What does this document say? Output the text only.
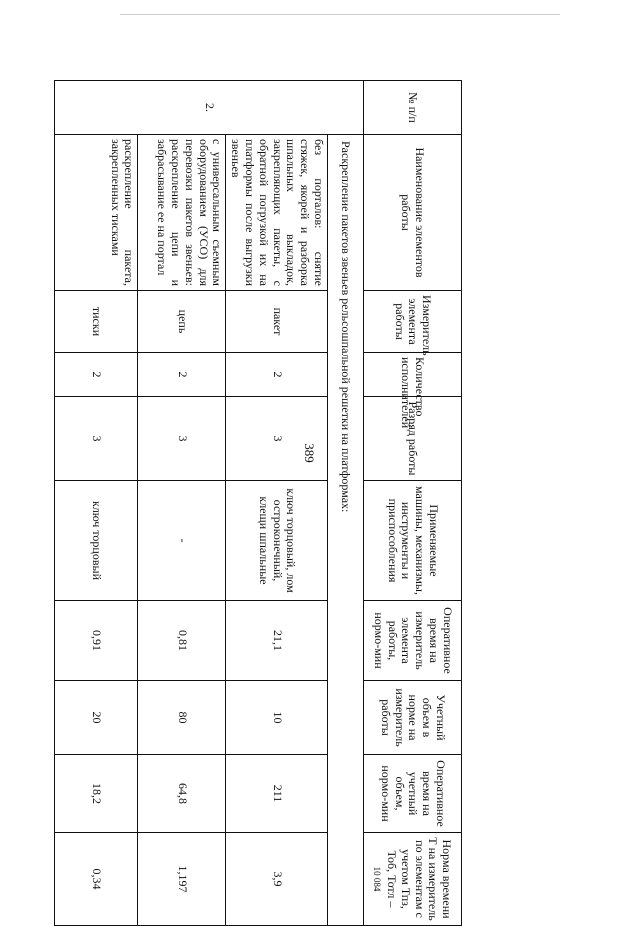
389
№ п/п	Наименование элементов работы	Измеритель элемента работы	Количество исполнителей	Разряд работы	Применяемые машины, механизмы, инструменты и приспособления	Оперативное время на измеритель элемента работы, нормо-мин	Учетный объем в норме на измеритель работы	Оперативное время на учетный объем, нормо-мин	Норма времени Т на измеритель по элементам с учетом Тпз, Тоб, Тотл –
10 084

2.	Раскрепление пакетов звеньев рельсошпальной решетки на платформах:								
	без порталов: снятие стяжек, якорей и разборка шпальных выкладок, закрепляющих пакеты, с обратной погрузкой их на платформы после выгрузки звеньев	пакет	2	3	ключ торцовый, лом остроконечный, клещи шпальные	21,1	10	211	3,9
	с универсальным съемным оборудованием (УСО) для перевозки пакетов звеньев: раскрепление цепи и забрасывание ее на портал	цепь	2	3	-	0,81	80	64,8	1,197
	раскрепление пакета, закрепленных тисками	тиски	2	3	ключ торцовый	0,91	20	18,2	0,34
